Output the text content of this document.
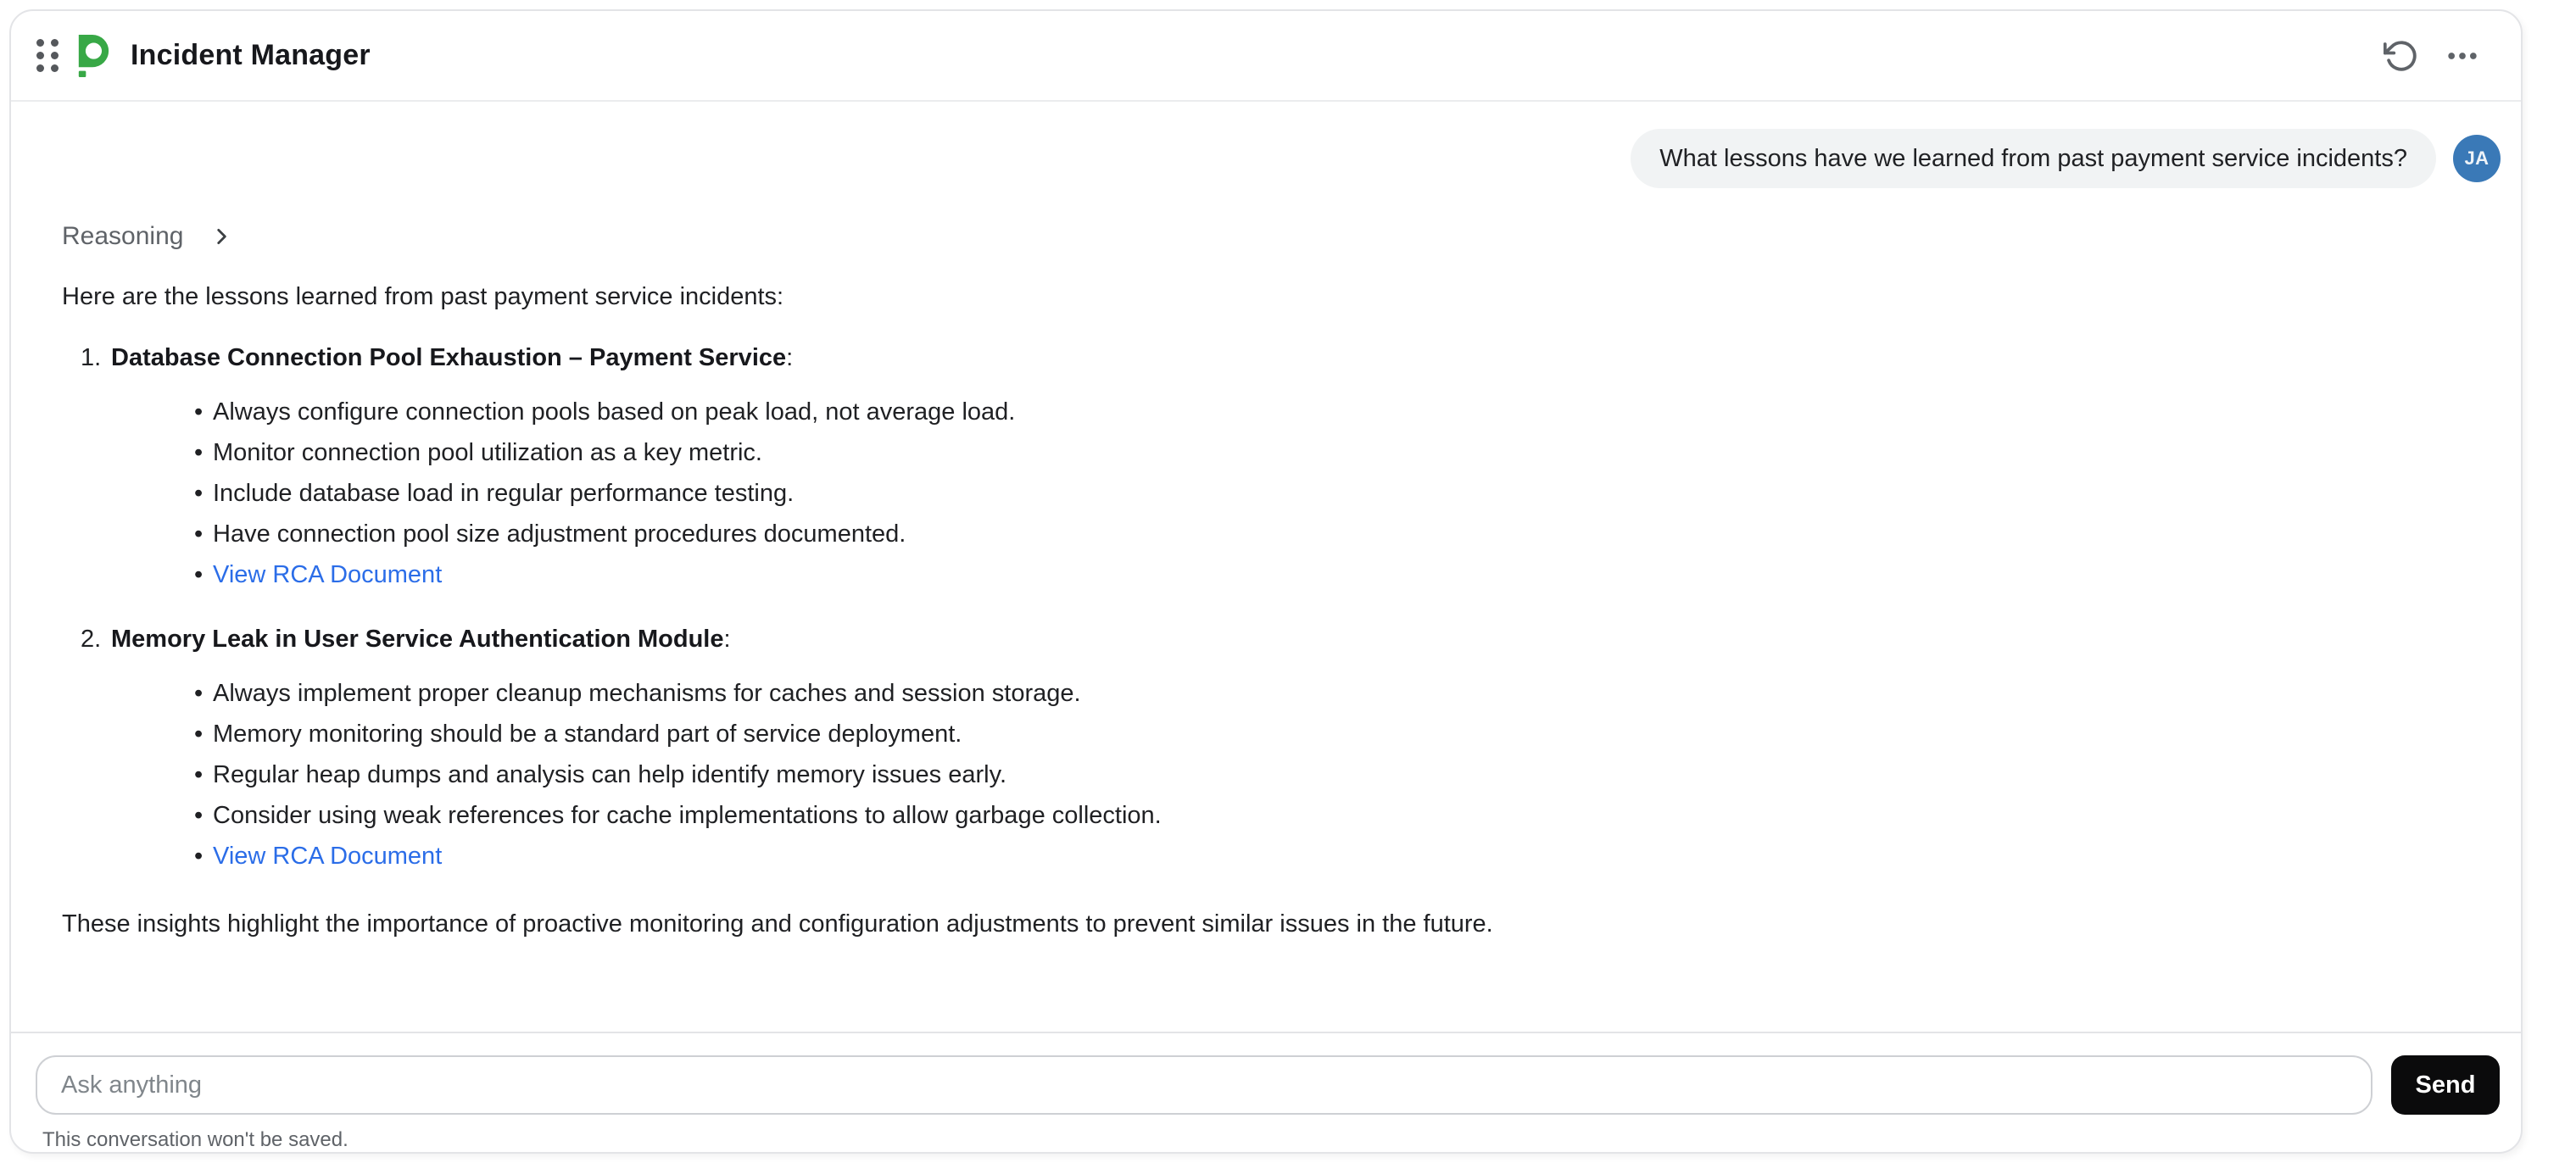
Incident Manager
What lessons have we learned from past payment service incidents?	JA
Reasoning
Here are the lessons learned from past payment service incidents:
1. Database Connection Pool Exhaustion – Payment Service:
• Always configure connection pools based on peak load, not average load.
• Monitor connection pool utilization as a key metric.
• Include database load in regular performance testing.
• Have connection pool size adjustment procedures documented.
• View RCA Document
2. Memory Leak in User Service Authentication Module:
• Always implement proper cleanup mechanisms for caches and session storage.
• Memory monitoring should be a standard part of service deployment.
• Regular heap dumps and analysis can help identify memory issues early.
• Consider using weak references for cache implementations to allow garbage collection.
• View RCA Document
These insights highlight the importance of proactive monitoring and configuration adjustments to prevent similar issues in the future.
Ask anything
Send
This conversation won't be saved.
